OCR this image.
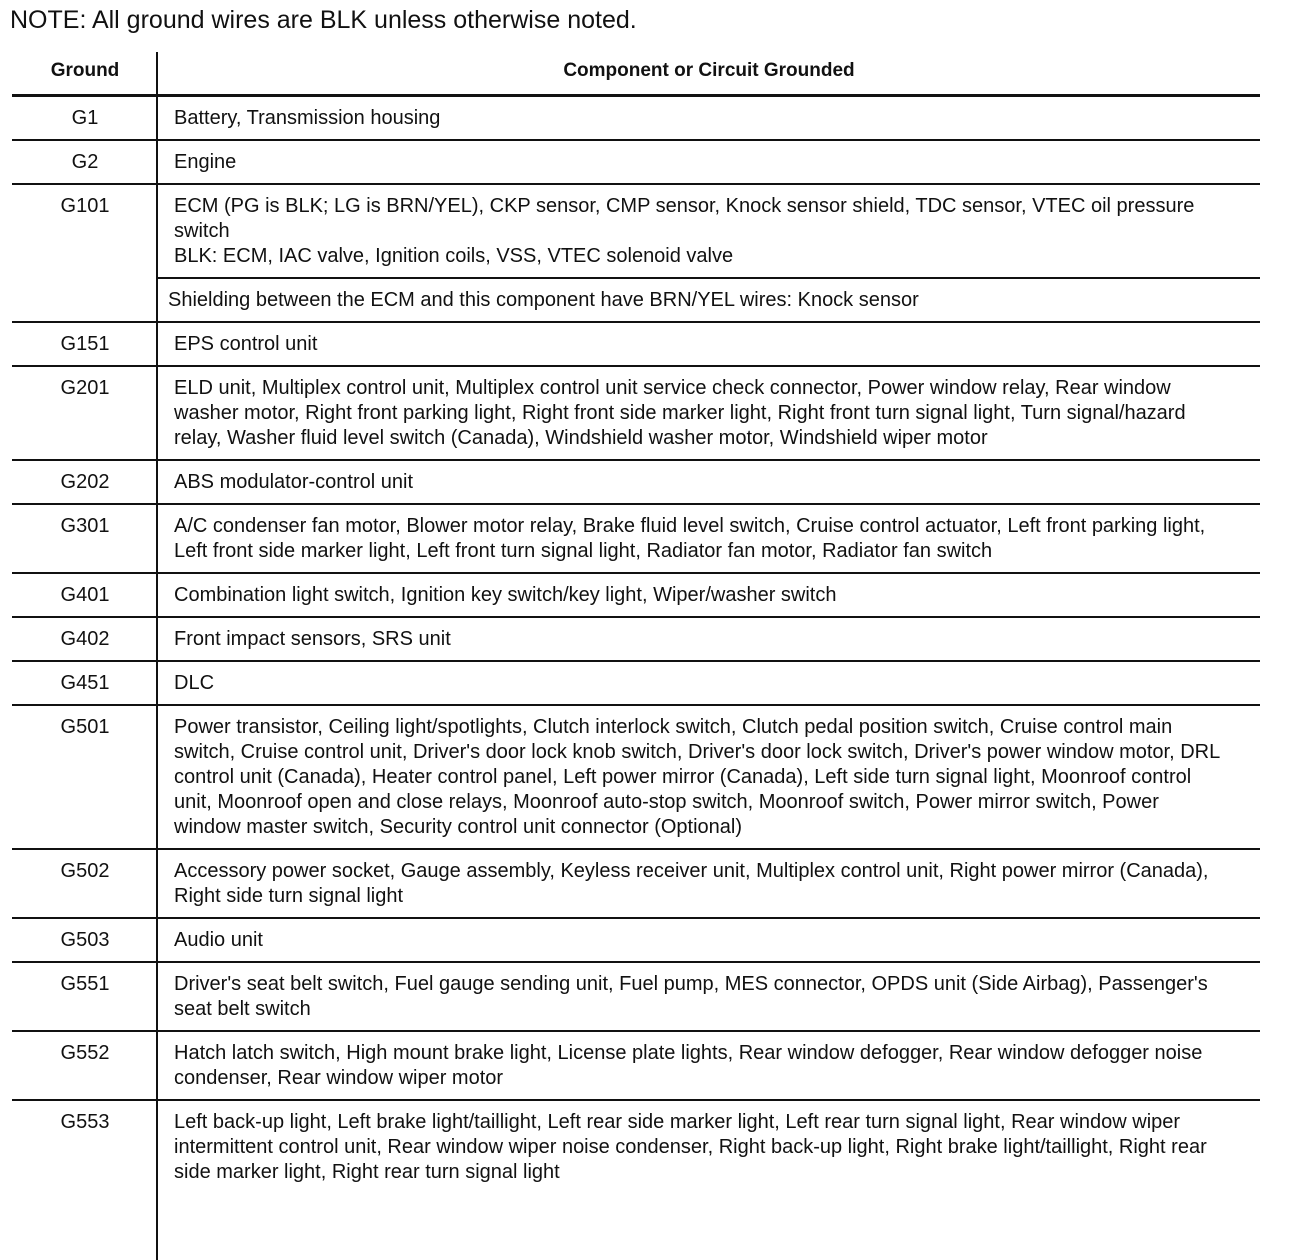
NOTE: All ground wires are BLK unless otherwise noted.
Ground	Component or Circuit Grounded
G1	Battery, Transmission housing
G2	Engine
G101	ECM (PG is BLK; LG is BRN/YEL), CKP sensor, CMP sensor, Knock sensor shield, TDC sensor, VTEC oil pressure switch
BLK: ECM, IAC valve, Ignition coils, VSS, VTEC solenoid valve
Shielding between the ECM and this component have BRN/YEL wires: Knock sensor
G151	EPS control unit
G201	ELD unit, Multiplex control unit, Multiplex control unit service check connector, Power window relay, Rear window washer motor, Right front parking light, Right front side marker light, Right front turn signal light, Turn signal/hazard relay, Washer fluid level switch (Canada), Windshield washer motor, Windshield wiper motor
G202	ABS modulator-control unit
G301	A/C condenser fan motor, Blower motor relay, Brake fluid level switch, Cruise control actuator, Left front parking light, Left front side marker light, Left front turn signal light, Radiator fan motor, Radiator fan switch
G401	Combination light switch, Ignition key switch/key light, Wiper/washer switch
G402	Front impact sensors, SRS unit
G451	DLC
G501	Power transistor, Ceiling light/spotlights, Clutch interlock switch, Clutch pedal position switch, Cruise control main switch, Cruise control unit, Driver's door lock knob switch, Driver's door lock switch, Driver's power window motor, DRL control unit (Canada), Heater control panel, Left power mirror (Canada), Left side turn signal light, Moonroof control unit, Moonroof open and close relays, Moonroof auto-stop switch, Moonroof switch, Power mirror switch, Power window master switch, Security control unit connector (Optional)
G502	Accessory power socket, Gauge assembly, Keyless receiver unit, Multiplex control unit, Right power mirror (Canada), Right side turn signal light
G503	Audio unit
G551	Driver's seat belt switch, Fuel gauge sending unit, Fuel pump, MES connector, OPDS unit (Side Airbag), Passenger's seat belt switch
G552	Hatch latch switch, High mount brake light, License plate lights, Rear window defogger, Rear window defogger noise condenser, Rear window wiper motor
G553	Left back-up light, Left brake light/taillight, Left rear side marker light, Left rear turn signal light, Rear window wiper intermittent control unit, Rear window wiper noise condenser, Right back-up light, Right brake light/taillight, Right rear side marker light, Right rear turn signal light
